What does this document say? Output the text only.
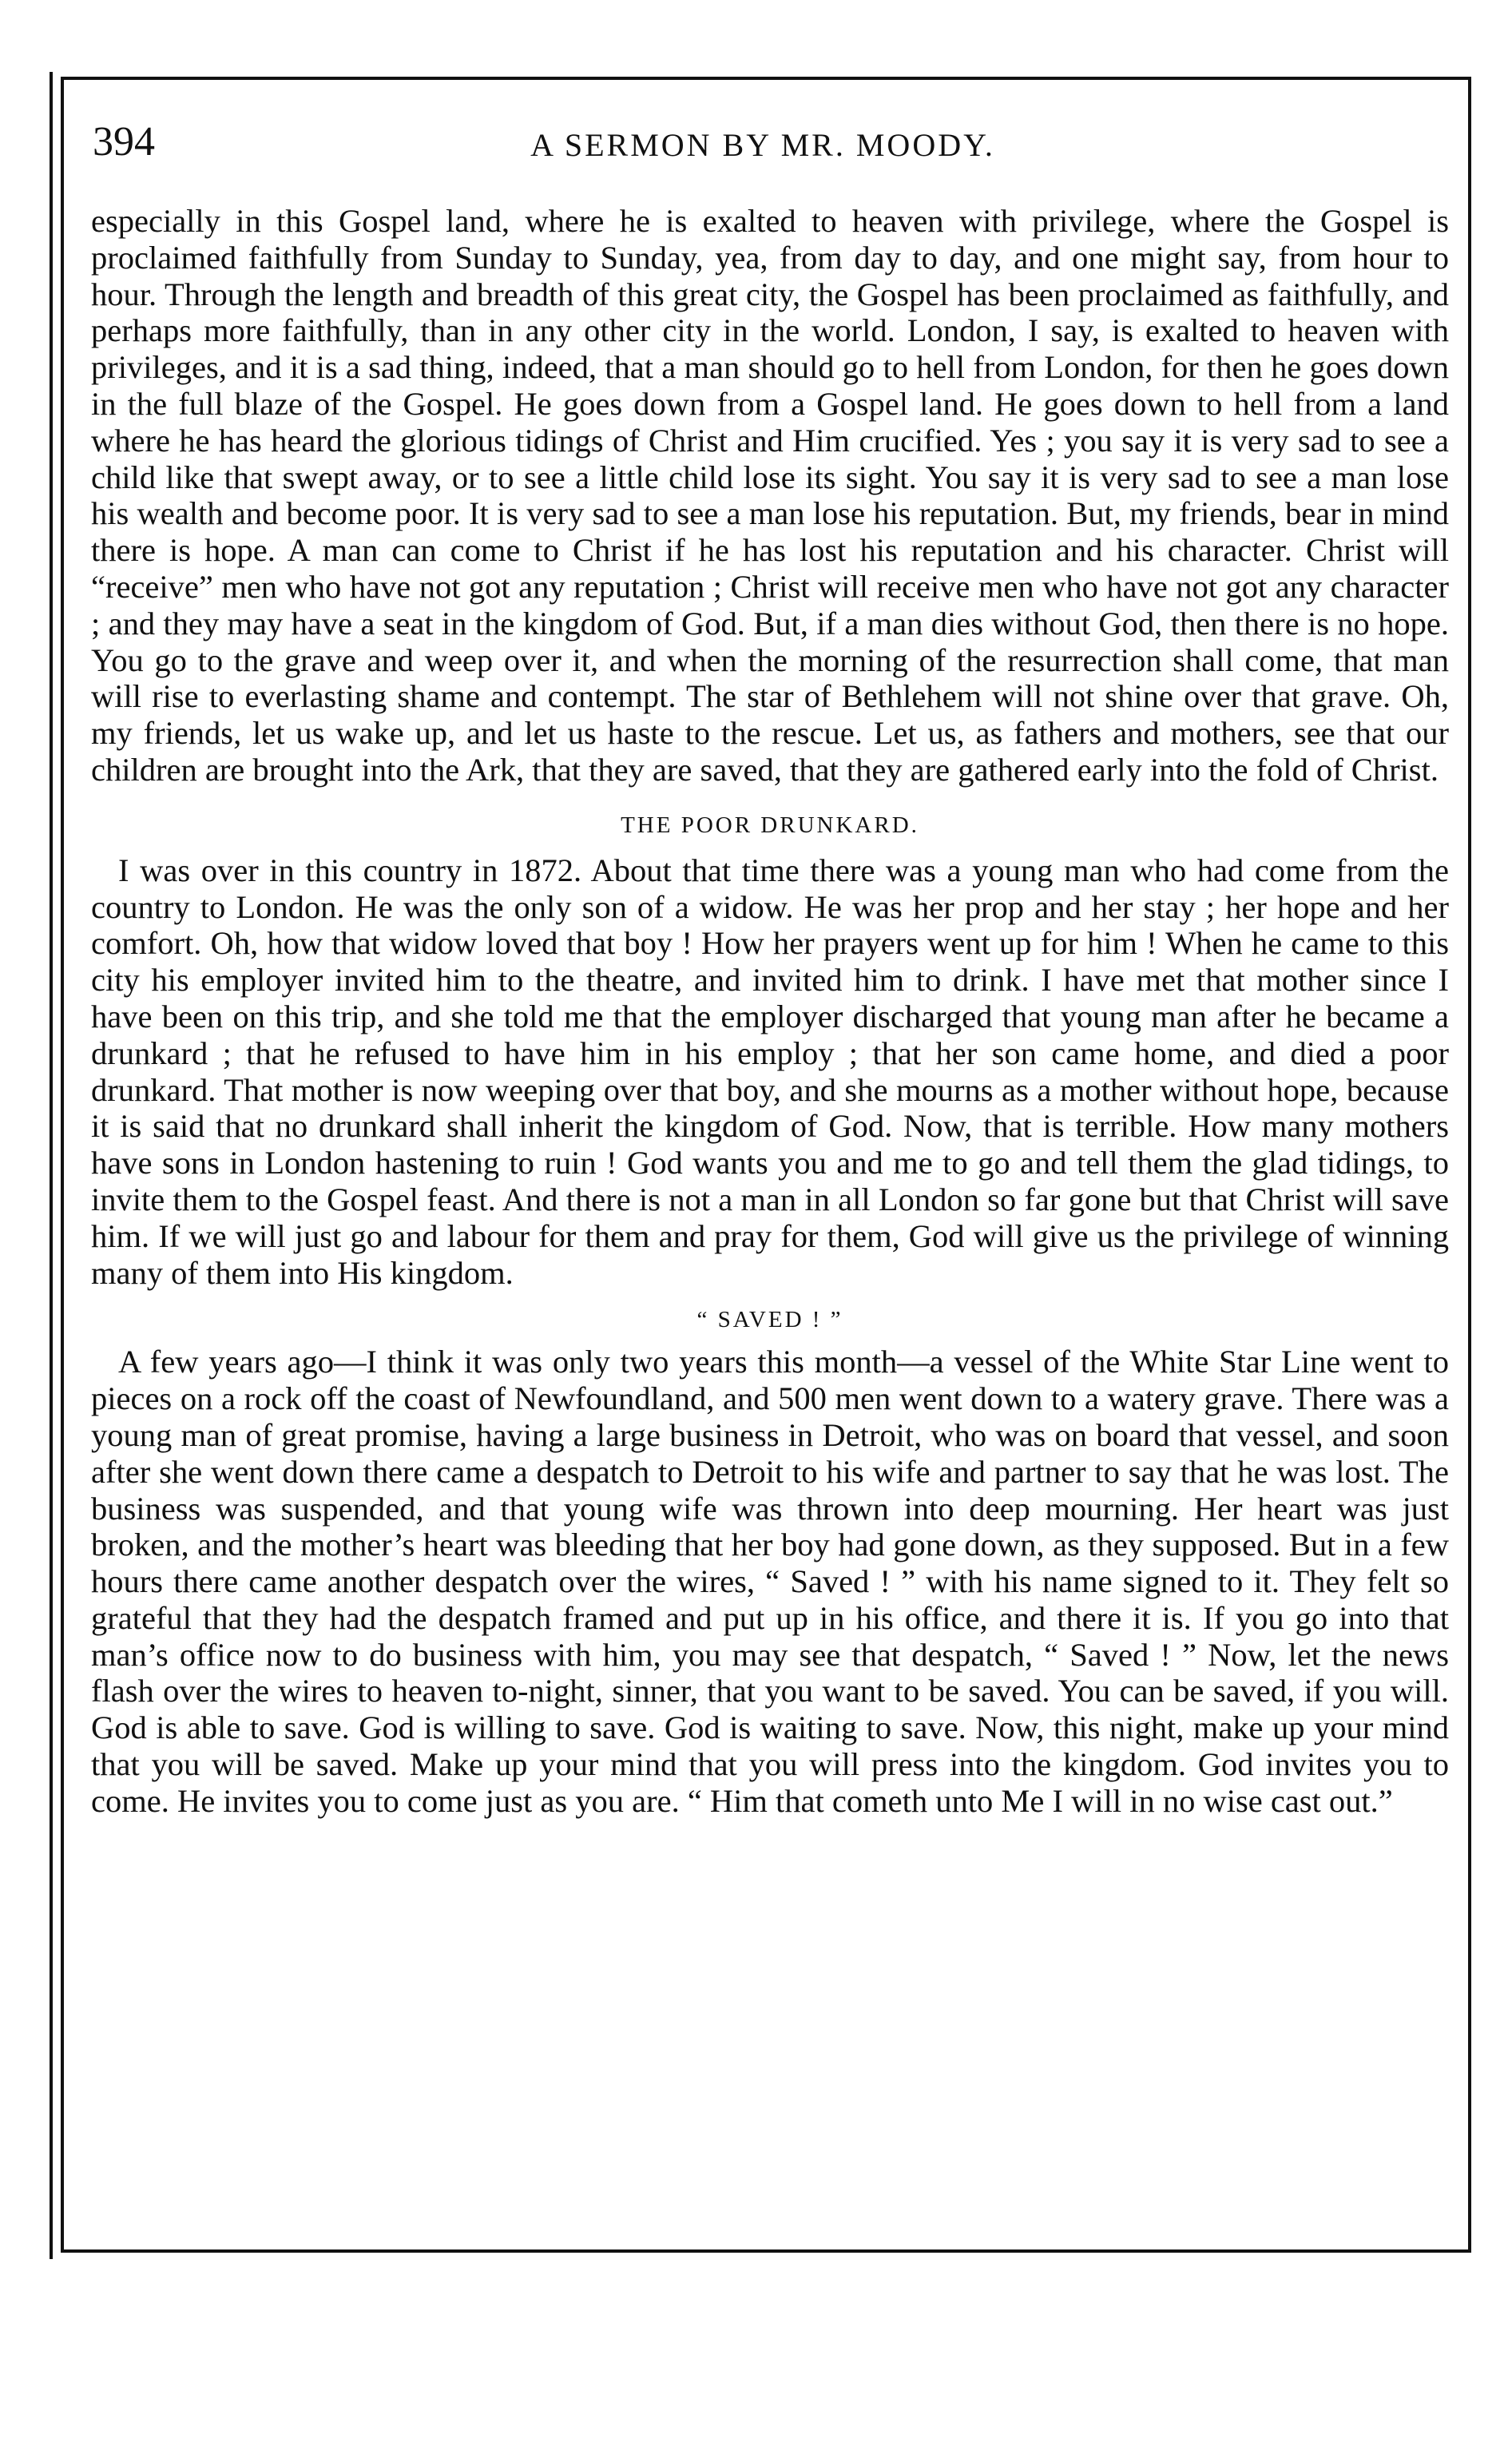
394	A SERMON BY MR. MOODY.

especially in this Gospel land, where he is exalted to heaven with privilege, where the Gospel is proclaimed faithfully from Sunday to Sunday, yea, from day to day, and one might say, from hour to hour. Through the length and breadth of this great city, the Gospel has been proclaimed as faithfully, and perhaps more faithfully, than in any other city in the world. London, I say, is exalted to heaven with privileges, and it is a sad thing, indeed, that a man should go to hell from London, for then he goes down in the full blaze of the Gospel. He goes down from a Gospel land. He goes down to hell from a land where he has heard the glorious tidings of Christ and Him crucified. Yes ; you say it is very sad to see a child like that swept away, or to see a little child lose its sight. You say it is very sad to see a man lose his wealth and become poor. It is very sad to see a man lose his reputation. But, my friends, bear in mind there is hope. A man can come to Christ if he has lost his reputation and his character. Christ will “receive” men who have not got any reputation ; Christ will receive men who have not got any character ; and they may have a seat in the kingdom of God. But, if a man dies without God, then there is no hope. You go to the grave and weep over it, and when the morning of the resurrection shall come, that man will rise to everlasting shame and contempt. The star of Bethlehem will not shine over that grave. Oh, my friends, let us wake up, and let us haste to the rescue. Let us, as fathers and mothers, see that our children are brought into the Ark, that they are saved, that they are gathered early into the fold of Christ.

THE POOR DRUNKARD.

I was over in this country in 1872. About that time there was a young man who had come from the country to London. He was the only son of a widow. He was her prop and her stay ; her hope and her comfort. Oh, how that widow loved that boy ! How her prayers went up for him ! When he came to this city his employer invited him to the theatre, and invited him to drink. I have met that mother since I have been on this trip, and she told me that the employer discharged that young man after he became a drunkard ; that he refused to have him in his employ ; that her son came home, and died a poor drunkard. That mother is now weeping over that boy, and she mourns as a mother without hope, because it is said that no drunkard shall inherit the kingdom of God. Now, that is terrible. How many mothers have sons in London hastening to ruin ! God wants you and me to go and tell them the glad tidings, to invite them to the Gospel feast. And there is not a man in all London so far gone but that Christ will save him. If we will just go and labour for them and pray for them, God will give us the privilege of winning many of them into His kingdom.

“ SAVED ! ”

A few years ago—I think it was only two years this month—a vessel of the White Star Line went to pieces on a rock off the coast of Newfoundland, and 500 men went down to a watery grave. There was a young man of great promise, having a large business in Detroit, who was on board that vessel, and soon after she went down there came a despatch to Detroit to his wife and partner to say that he was lost. The business was suspended, and that young wife was thrown into deep mourning. Her heart was just broken, and the mother’s heart was bleeding that her boy had gone down, as they supposed. But in a few hours there came another despatch over the wires, “ Saved ! ” with his name signed to it. They felt so grateful that they had the despatch framed and put up in his office, and there it is. If you go into that man’s office now to do business with him, you may see that despatch, “ Saved ! ” Now, let the news flash over the wires to heaven to-night, sinner, that you want to be saved. You can be saved, if you will. God is able to save. God is willing to save. God is waiting to save. Now, this night, make up your mind that you will be saved. Make up your mind that you will press into the kingdom. God invites you to come. He invites you to come just as you are. “ Him that cometh unto Me I will in no wise cast out.”
